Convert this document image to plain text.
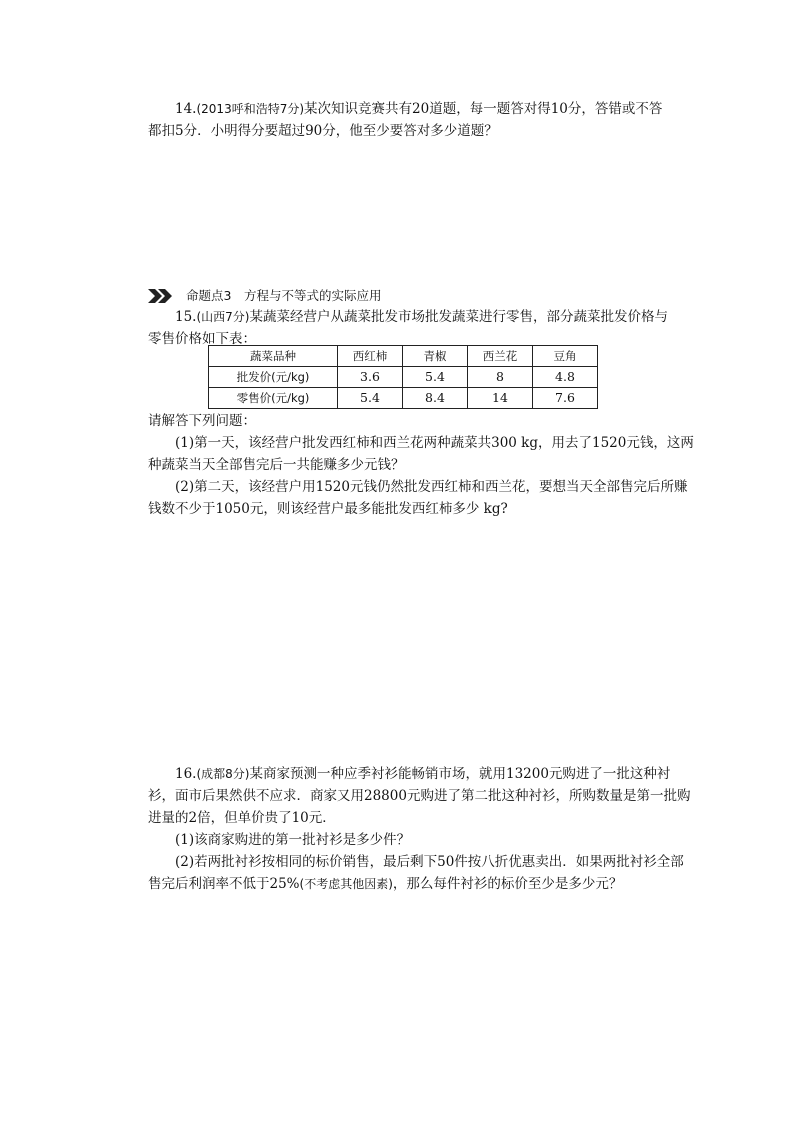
14.(2013呼和浩特7分)某次知识竞赛共有20道题，每一题答对得10分，答错或不答
都扣5分．小明得分要超过90分，他至少要答对多少道题？
命题点3　方程与不等式的实际应用
15.(山西7分)某蔬菜经营户从蔬菜批发市场批发蔬菜进行零售，部分蔬菜批发价格与
零售价格如下表：
蔬菜品种	西红柿	青椒	西兰花	豆角
批发价(元/kg)	3.6	5.4	8	4.8
零售价(元/kg)	5.4	8.4	14	7.6
请解答下列问题：
(1)第一天，该经营户批发西红柿和西兰花两种蔬菜共300 kg，用去了1520元钱，这两
种蔬菜当天全部售完后一共能赚多少元钱？
(2)第二天，该经营户用1520元钱仍然批发西红柿和西兰花，要想当天全部售完后所赚
钱数不少于1050元，则该经营户最多能批发西红柿多少 kg?
16.(成都8分)某商家预测一种应季衬衫能畅销市场，就用13200元购进了一批这种衬
衫，面市后果然供不应求．商家又用28800元购进了第二批这种衬衫，所购数量是第一批购
进量的2倍，但单价贵了10元．
(1)该商家购进的第一批衬衫是多少件？
(2)若两批衬衫按相同的标价销售，最后剩下50件按八折优惠卖出．如果两批衬衫全部
售完后利润率不低于25%(不考虑其他因素)，那么每件衬衫的标价至少是多少元？
